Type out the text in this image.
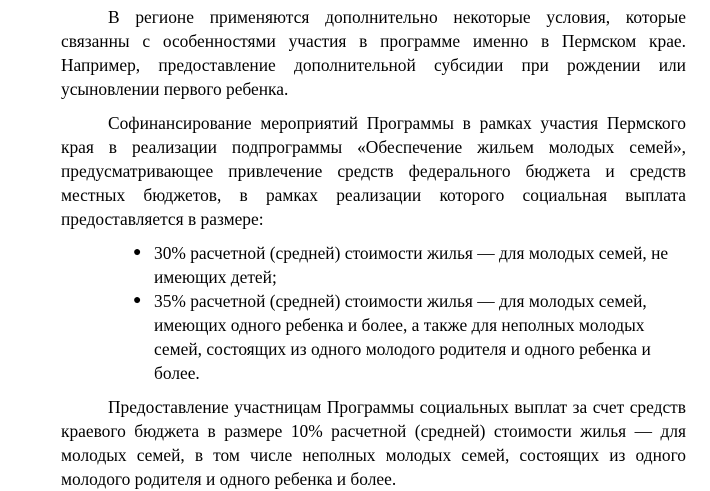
В регионе применяются дополнительно некоторые условия, которые связанны с особенностями участия в программе именно в Пермском крае. Например, предоставление дополнительной субсидии при рождении или усыновлении первого ребенка.

Софинансирование мероприятий Программы в рамках участия Пермского края в реализации подпрограммы «Обеспечение жильем молодых семей», предусматривающее привлечение средств федерального бюджета и средств местных бюджетов, в рамках реализации которого социальная выплата предоставляется в размере:

● 30% расчетной (средней) стоимости жилья — для молодых семей, не имеющих детей;
● 35% расчетной (средней) стоимости жилья — для молодых семей, имеющих одного ребенка и более, а также для неполных молодых семей, состоящих из одного молодого родителя и одного ребенка и более.

Предоставление участницам Программы социальных выплат за счет средств краевого бюджета в размере 10% расчетной (средней) стоимости жилья — для молодых семей, в том числе неполных молодых семей, состоящих из одного молодого родителя и одного ребенка и более.
